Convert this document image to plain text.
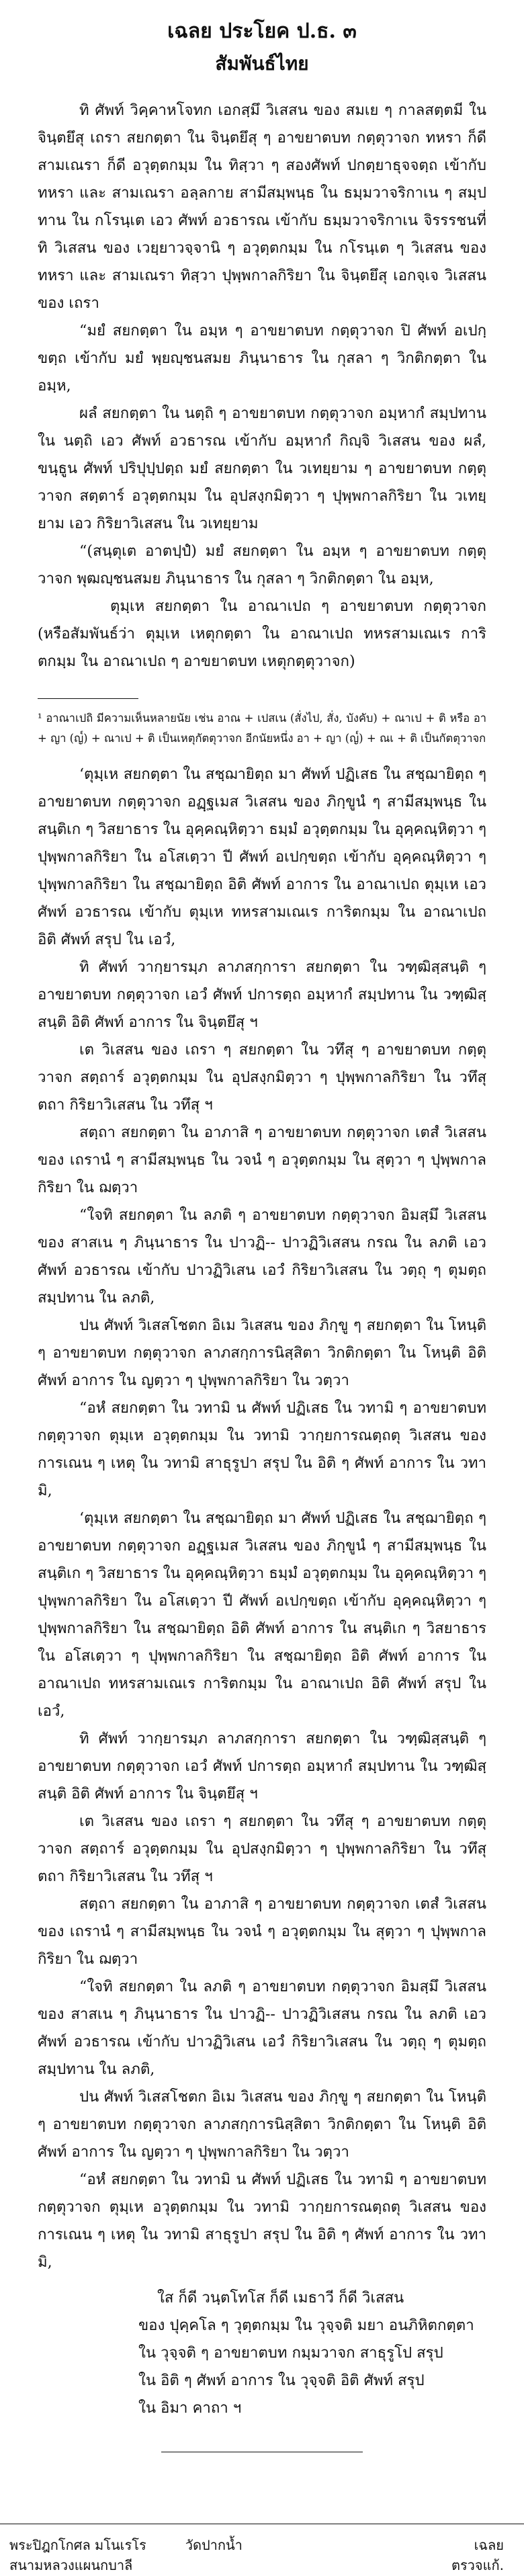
เฉลย ประโยค ป.ธ. ๓
สัมพันธ์ไทย

ทิ ศัพท์ วิคฺคาหโจทก เอกสฺมึ วิเสสน ของ สมเย ๆ กาลสตฺตมี ใน จินฺตยึสุ เถรา สยกตฺตา ใน จินฺตยึสุ ๆ อาขยาตบท กตฺตุวาจก ทหรา ก็ดี สามเณรา ก็ดี อวุตฺตกมฺม ใน ทิสฺวา ๆ สองศัพท์ ปกตฺยาธุจจตฺถ เข้ากับ ทหรา และ สามเณรา อลฺลกาย สามีสมฺพนฺธ ใน ธมฺมวาจริกาเน ๆ สมฺปทาน ใน กโรนฺเต เอว ศัพท์ อวธารณ เข้ากับ ธมฺมวาจริกาเน จิรรรชนที่ทิ วิเสสน ของ เวยฺยาวจฺจานิ ๆ อวุตฺตกมฺม ใน กโรนฺเต ๆ วิเสสน ของ ทหรา และ สามเณรา ทิสฺวา ปุพฺพกาลกิริยา ใน จินฺตยึสุ เอกจฺเจ วิเสสน ของ เถรา

“มยํ สยกตฺตา ใน อมฺห ๆ อาขยาตบท กตฺตุวาจก ปิ ศัพท์ อเปกฺขตฺถ เข้ากับ มยํ พฺยญฺชนสมย ภินฺนาธาร ใน กุสลา ๆ วิกติกตฺตา ใน อมฺห,

ผลํ สยกตฺตา ใน นตฺถิ ๆ อาขยาตบท กตฺตุวาจก อมฺหากํ สมฺปทาน ใน นตฺถิ เอว ศัพท์ อวธารณ เข้ากับ อมฺหากํ กิญฺจิ วิเสสน ของ ผลํ, ขนฺธูน ศัพท์ ปริปุปฺปตฺถ มยํ สยกตฺตา ใน วเทยฺยาม ๆ อาขยาตบท กตฺตุวาจก สตฺตาร์ อวุตฺตกมฺม ใน อุปสงฺกมิตฺวา ๆ ปุพฺพกาลกิริยา ใน วเทยฺยาม เอว กิริยาวิเสสน ใน วเทยฺยาม

“(สนฺตุเต อาตปฺปํ) มยํ สยกตฺตา ใน อมฺห ๆ อาขยาตบท กตฺตุวาจก พุฒญฺชนสมย ภินฺนาธาร ใน กุสลา ๆ วิกติกตฺตา ใน อมฺห,

ตุมฺเห สยกตฺตา ใน อาณาเปถ ๆ อาขยาตบท กตฺตุวาจก (หรือสัมพันธ์ว่า ตุมฺเห เหตุกตฺตา ใน อาณาเปถ ทหรสามเณเร การิตกมฺม ใน อาณาเปถ ๆ อาขยาตบท เหตุกตฺตุวาจก)

¹ อาณาเปถิ มีความเห็นหลายนัย เช่น อาณ + เปสเน (สั่งไป, สั่ง, บังคับ) + ณาเป + ติ หรือ อา + ญา (ญ๎) + ณาเป + ติ เป็นเหตุกัตตุวาจก อีกนัยหนึ่ง อา + ญา (ญ๎) + ณเ + ติ เป็นกัตตุวาจก

‘ตุมฺเห สยกตฺตา ใน สชฺฌายิตฺถ มา ศัพท์ ปฏิเสธ ใน สชฺฌายิตฺถ ๆ อาขยาตบท กตฺตุวาจก อฏฺฐเมส วิเสสน ของ ภิกฺขูนํ ๆ สามีสมฺพนฺธ ใน สนฺติเก ๆ วิสยาธาร ใน อุคฺคณฺหิตฺวา ธมฺมํ อวุตฺตกมฺม ใน อุคฺคณฺหิตฺวา ๆ ปุพฺพกาลกิริยา ใน อโสเตฺวา ปี ศัพท์ อเปกฺขตฺถ เข้ากับ อุคฺคณฺหิตฺวา ๆ ปุพฺพกาลกิริยา ใน สชฺฌายิตฺถ อิติ ศัพท์ อาการ ใน อาณาเปถ ตุมฺเห เอว ศัพท์ อวธารณ เข้ากับ ตุมฺเห ทหรสามเณเร การิตกมฺม ใน อาณาเปถ อิติ ศัพท์ สรุป ใน เอวํ,

ทิ ศัพท์ วากฺยารมฺภ ลาภสกฺการา สยกตฺตา ใน วฑฺฒิสฺสนฺติ ๆ อาขยาตบท กตฺตุวาจก เอวํ ศัพท์ ปการตฺถ อมฺหากํ สมฺปทาน ใน วฑฺฒิสฺสนฺติ อิติ ศัพท์ อาการ ใน จินฺตยึสุ ฯ

เต วิเสสน ของ เถรา ๆ สยกตฺตา ใน วทึสุ ๆ อาขยาตบท กตฺตุวาจก สตฺถาร์ อวุตฺตกมฺม ใน อุปสงฺกมิตฺวา ๆ ปุพฺพกาลกิริยา ใน วทึสุ ตถา กิริยาวิเสสน ใน วทึสุ ฯ

สตฺถา สยกตฺตา ใน อาภาสิ ๆ อาขยาตบท กตฺตุวาจก เตสํ วิเสสน ของ เถรานํ ๆ สามีสมฺพนฺธ ใน วจนํ ๆ อวุตฺตกมฺม ใน สุตฺวา ๆ ปุพฺพกาลกิริยา ใน ฌตฺวา

“ใจทิ สยกตฺตา ใน ลภติ ๆ อาขยาตบท กตฺตุวาจก อิมสฺมึ วิเสสน ของ สาสเน ๆ ภินฺนาธาร ใน ปาวฏิ-- ปาวฏิวิเสสน กรณ ใน ลภติ เอว ศัพท์ อวธารณ เข้ากับ ปาวฏิวิเสน เอวํ กิริยาวิเสสน ใน วตฺถุ ๆ ตุมตฺถสมฺปทาน ใน ลภติ,

ปน ศัพท์ วิเสสโชตก อิเม วิเสสน ของ ภิกฺขู ๆ สยกตฺตา ใน โหนฺติ ๆ อาขยาตบท กตฺตุวาจก ลาภสกฺการนิสฺสิตา วิกติกตฺตา ใน โหนฺติ อิติ ศัพท์ อาการ ใน ญตฺวา ๆ ปุพฺพกาลกิริยา ใน วตฺวา

“อหํ สยกตฺตา ใน วทามิ น ศัพท์ ปฏิเสธ ใน วทามิ ๆ อาขยาตบท กตฺตุวาจก ตุมฺเห อวุตฺตกมฺม ใน วทามิ วากฺยการณตฺถตุ วิเสสน ของ การเณน ๆ เหตุ ใน วทามิ สาธุรูปา สรุป ใน อิติ ๆ ศัพท์ อาการ ใน วทามิ,

‘ตุมฺเห สยกตฺตา ใน สชฺฌายิตฺถ มา ศัพท์ ปฏิเสธ ใน สชฺฌายิตฺถ ๆ อาขยาตบท กตฺตุวาจก อฏฺฐเมส วิเสสน ของ ภิกฺขูนํ ๆ สามีสมฺพนฺธ ใน สนฺติเก ๆ วิสยาธาร ใน อุคฺคณฺหิตฺวา ธมฺมํ อวุตฺตกมฺม ใน อุคฺคณฺหิตฺวา ๆ ปุพฺพกาลกิริยา ใน อโสเตฺวา ปี ศัพท์ อเปกฺขตฺถ เข้ากับ อุคฺคณฺหิตฺวา ๆ ปุพฺพกาลกิริยา ใน สชฺฌายิตฺถ อิติ ศัพท์ อาการ ใน สนฺติเก ๆ วิสยาธาร ใน อโสเตฺวา ๆ ปุพฺพกาลกิริยา ใน สชฺฌายิตฺถ อิติ ศัพท์ อาการ ใน อาณาเปถ ทหรสามเณเร การิตกมฺม ใน อาณาเปถ อิติ ศัพท์ สรุป ใน เอวํ,

ทิ ศัพท์ วากฺยารมฺภ ลาภสกฺการา สยกตฺตา ใน วฑฺฒิสฺสนฺติ ๆ อาขยาตบท กตฺตุวาจก เอวํ ศัพท์ ปการตฺถ อมฺหากํ สมฺปทาน ใน วฑฺฒิสฺสนฺติ อิติ ศัพท์ อาการ ใน จินฺตยึสุ ฯ

เต วิเสสน ของ เถรา ๆ สยกตฺตา ใน วทึสุ ๆ อาขยาตบท กตฺตุวาจก สตฺถาร์ อวุตฺตกมฺม ใน อุปสงฺกมิตฺวา ๆ ปุพฺพกาลกิริยา ใน วทึสุ ตถา กิริยาวิเสสน ใน วทึสุ ฯ

สตฺถา สยกตฺตา ใน อาภาสิ ๆ อาขยาตบท กตฺตุวาจก เตสํ วิเสสน ของ เถรานํ ๆ สามีสมฺพนฺธ ใน วจนํ ๆ อวุตฺตกมฺม ใน สุตฺวา ๆ ปุพฺพกาลกิริยา ใน ฌตฺวา

“ใจทิ สยกตฺตา ใน ลภติ ๆ อาขยาตบท กตฺตุวาจก อิมสฺมึ วิเสสน ของ สาสเน ๆ ภินฺนาธาร ใน ปาวฏิ-- ปาวฏิวิเสสน กรณ ใน ลภติ เอว ศัพท์ อวธารณ เข้ากับ ปาวฏิวิเสน เอวํ กิริยาวิเสสน ใน วตฺถุ ๆ ตุมตฺถสมฺปทาน ใน ลภติ,

ปน ศัพท์ วิเสสโชตก อิเม วิเสสน ของ ภิกฺขู ๆ สยกตฺตา ใน โหนฺติ ๆ อาขยาตบท กตฺตุวาจก ลาภสกฺการนิสฺสิตา วิกติกตฺตา ใน โหนฺติ อิติ ศัพท์ อาการ ใน ญตฺวา ๆ ปุพฺพกาลกิริยา ใน วตฺวา

“อหํ สยกตฺตา ใน วทามิ น ศัพท์ ปฏิเสธ ใน วทามิ ๆ อาขยาตบท กตฺตุวาจก ตุมฺเห อวุตฺตกมฺม ใน วทามิ วากฺยการณตฺถตุ วิเสสน ของ การเณน ๆ เหตุ ใน วทามิ สาธุรูปา สรุป ใน อิติ ๆ ศัพท์ อาการ ใน วทามิ,

ใส ก็ดี วนฺตโทโส ก็ดี เมธาวี ก็ดี วิเสสน

ของ ปุคฺคโล ๆ วุตฺตกมฺม ใน วุจฺจติ มยา อนภิหิตกตฺตา

ใน วุจฺจติ ๆ อาขยาตบท กมฺมวาจก สาธุรูโป สรุป

ใน อิติ ๆ ศัพท์ อาการ ใน วุจฺจติ อิติ ศัพท์ สรุป

ใน อิมา คาถา ฯ

พระปิฎกโกศล มโนเรโร	วัดปากน้ำ
สนามหลวงแผนกบาลี
เฉลย
ตรวจแก้.
